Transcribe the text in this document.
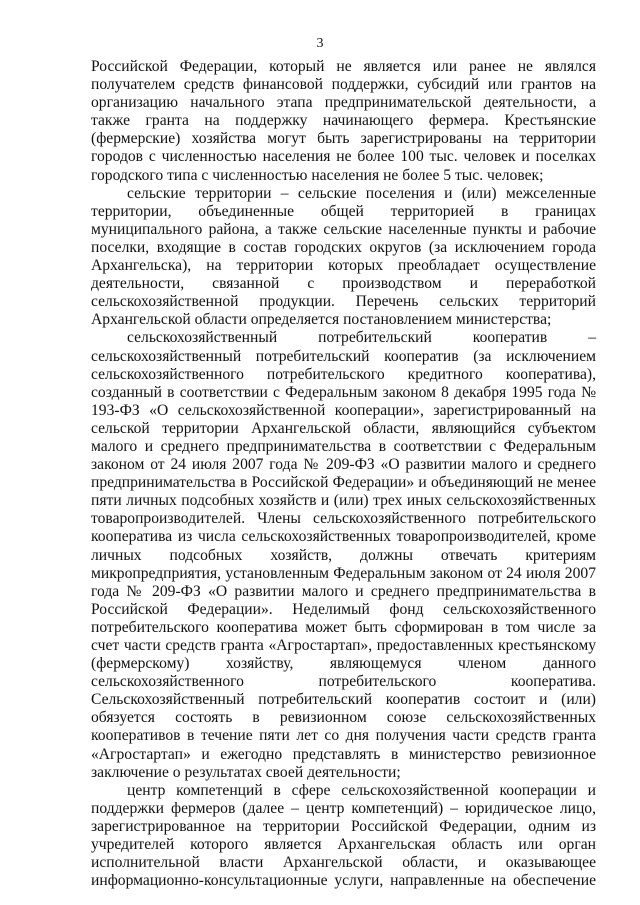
3

Российской Федерации, который не является или ранее не являлся получателем средств финансовой поддержки, субсидий или грантов на организацию начального этапа предпринимательской деятельности, а также гранта на поддержку начинающего фермера. Крестьянские (фермерские) хозяйства могут быть зарегистрированы на территории городов с численностью населения не более 100 тыс. человек и поселках городского типа с численностью населения не более 5 тыс. человек;

сельские территории – сельские поселения и (или) межселенные территории, объединенные общей территорией в границах муниципального района, а также сельские населенные пункты и рабочие поселки, входящие в состав городских округов (за исключением города Архангельска), на территории которых преобладает осуществление деятельности, связанной с производством и переработкой сельскохозяйственной продукции. Перечень сельских территорий Архангельской области определяется постановлением министерства;

сельскохозяйственный потребительский кооператив – сельскохозяйственный потребительский кооператив (за исключением сельскохозяйственного потребительского кредитного кооператива), созданный в соответствии с Федеральным законом 8 декабря 1995 года № 193-ФЗ «О сельскохозяйственной кооперации», зарегистрированный на сельской территории Архангельской области, являющийся субъектом малого и среднего предпринимательства в соответствии с Федеральным законом от 24 июля 2007 года № 209-ФЗ «О развитии малого и среднего предпринимательства в Российской Федерации» и объединяющий не менее пяти личных подсобных хозяйств и (или) трех иных сельскохозяйственных товаропроизводителей. Члены сельскохозяйственного потребительского кооператива из числа сельскохозяйственных товаропроизводителей, кроме личных подсобных хозяйств, должны отвечать критериям микропредприятия, установленным Федеральным законом от 24 июля 2007 года № 209-ФЗ «О развитии малого и среднего предпринимательства в Российской Федерации». Неделимый фонд сельскохозяйственного потребительского кооператива может быть сформирован в том числе за счет части средств гранта «Агростартап», предоставленных крестьянскому (фермерскому) хозяйству, являющемуся членом данного сельскохозяйственного потребительского кооператива. Сельскохозяйственный потребительский кооператив состоит и (или) обязуется состоять в ревизионном союзе сельскохозяйственных кооперативов в течение пяти лет со дня получения части средств гранта «Агростартап» и ежегодно представлять в министерство ревизионное заключение о результатах своей деятельности;

центр компетенций в сфере сельскохозяйственной кооперации и поддержки фермеров (далее – центр компетенций) – юридическое лицо, зарегистрированное на территории Российской Федерации, одним из учредителей которого является Архангельская область или орган исполнительной власти Архангельской области, и оказывающее информационно-консультационные услуги, направленные на обеспечение
